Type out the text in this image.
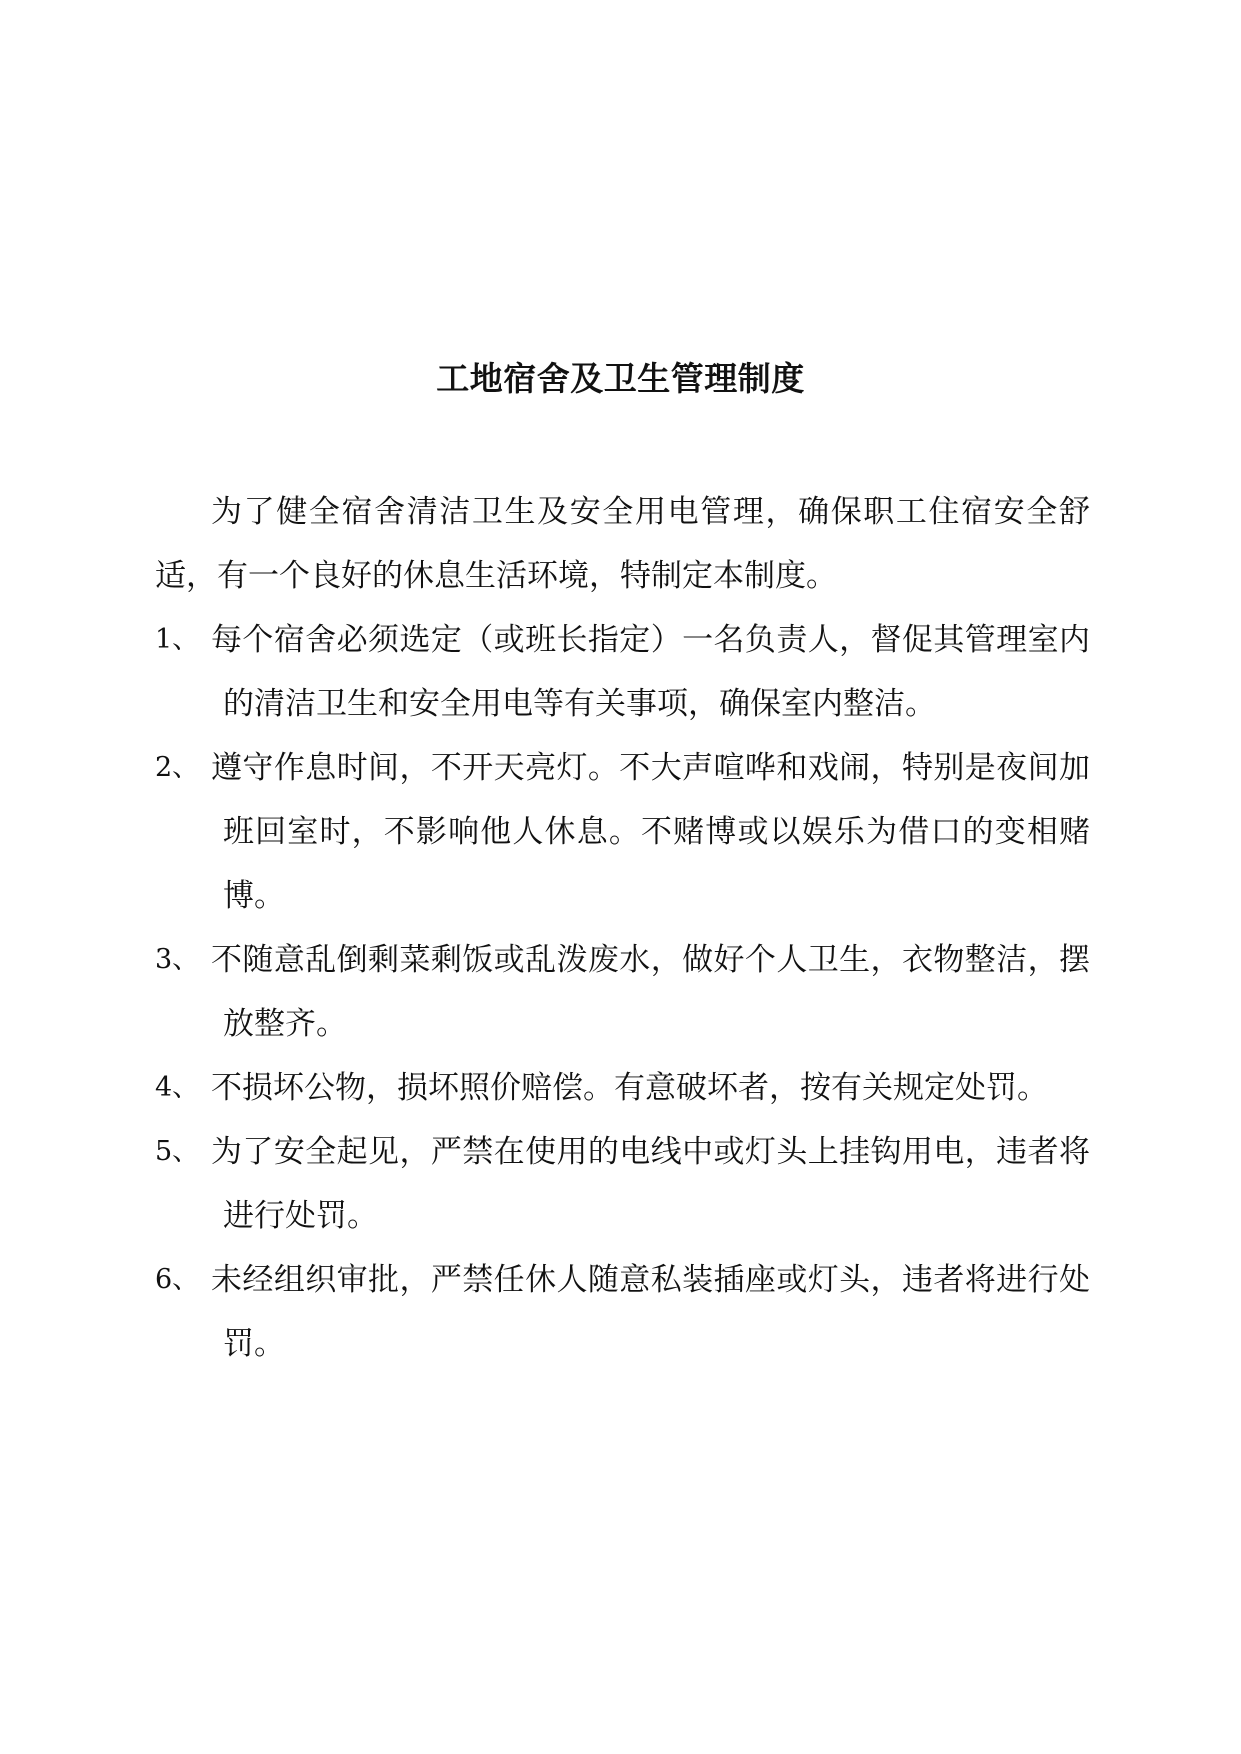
工地宿舍及卫生管理制度

为了健全宿舍清洁卫生及安全用电管理，确保职工住宿安全舒适，有一个良好的休息生活环境，特制定本制度。

1、 每个宿舍必须选定（或班长指定）一名负责人，督促其管理室内的清洁卫生和安全用电等有关事项，确保室内整洁。
2、 遵守作息时间，不开天亮灯。不大声喧哗和戏闹，特别是夜间加班回室时，不影响他人休息。不赌博或以娱乐为借口的变相赌博。
3、 不随意乱倒剩菜剩饭或乱泼废水，做好个人卫生，衣物整洁，摆放整齐。
4、 不损坏公物，损坏照价赔偿。有意破坏者，按有关规定处罚。
5、 为了安全起见，严禁在使用的电线中或灯头上挂钩用电，违者将进行处罚。
6、 未经组织审批，严禁任休人随意私装插座或灯头，违者将进行处罚。
